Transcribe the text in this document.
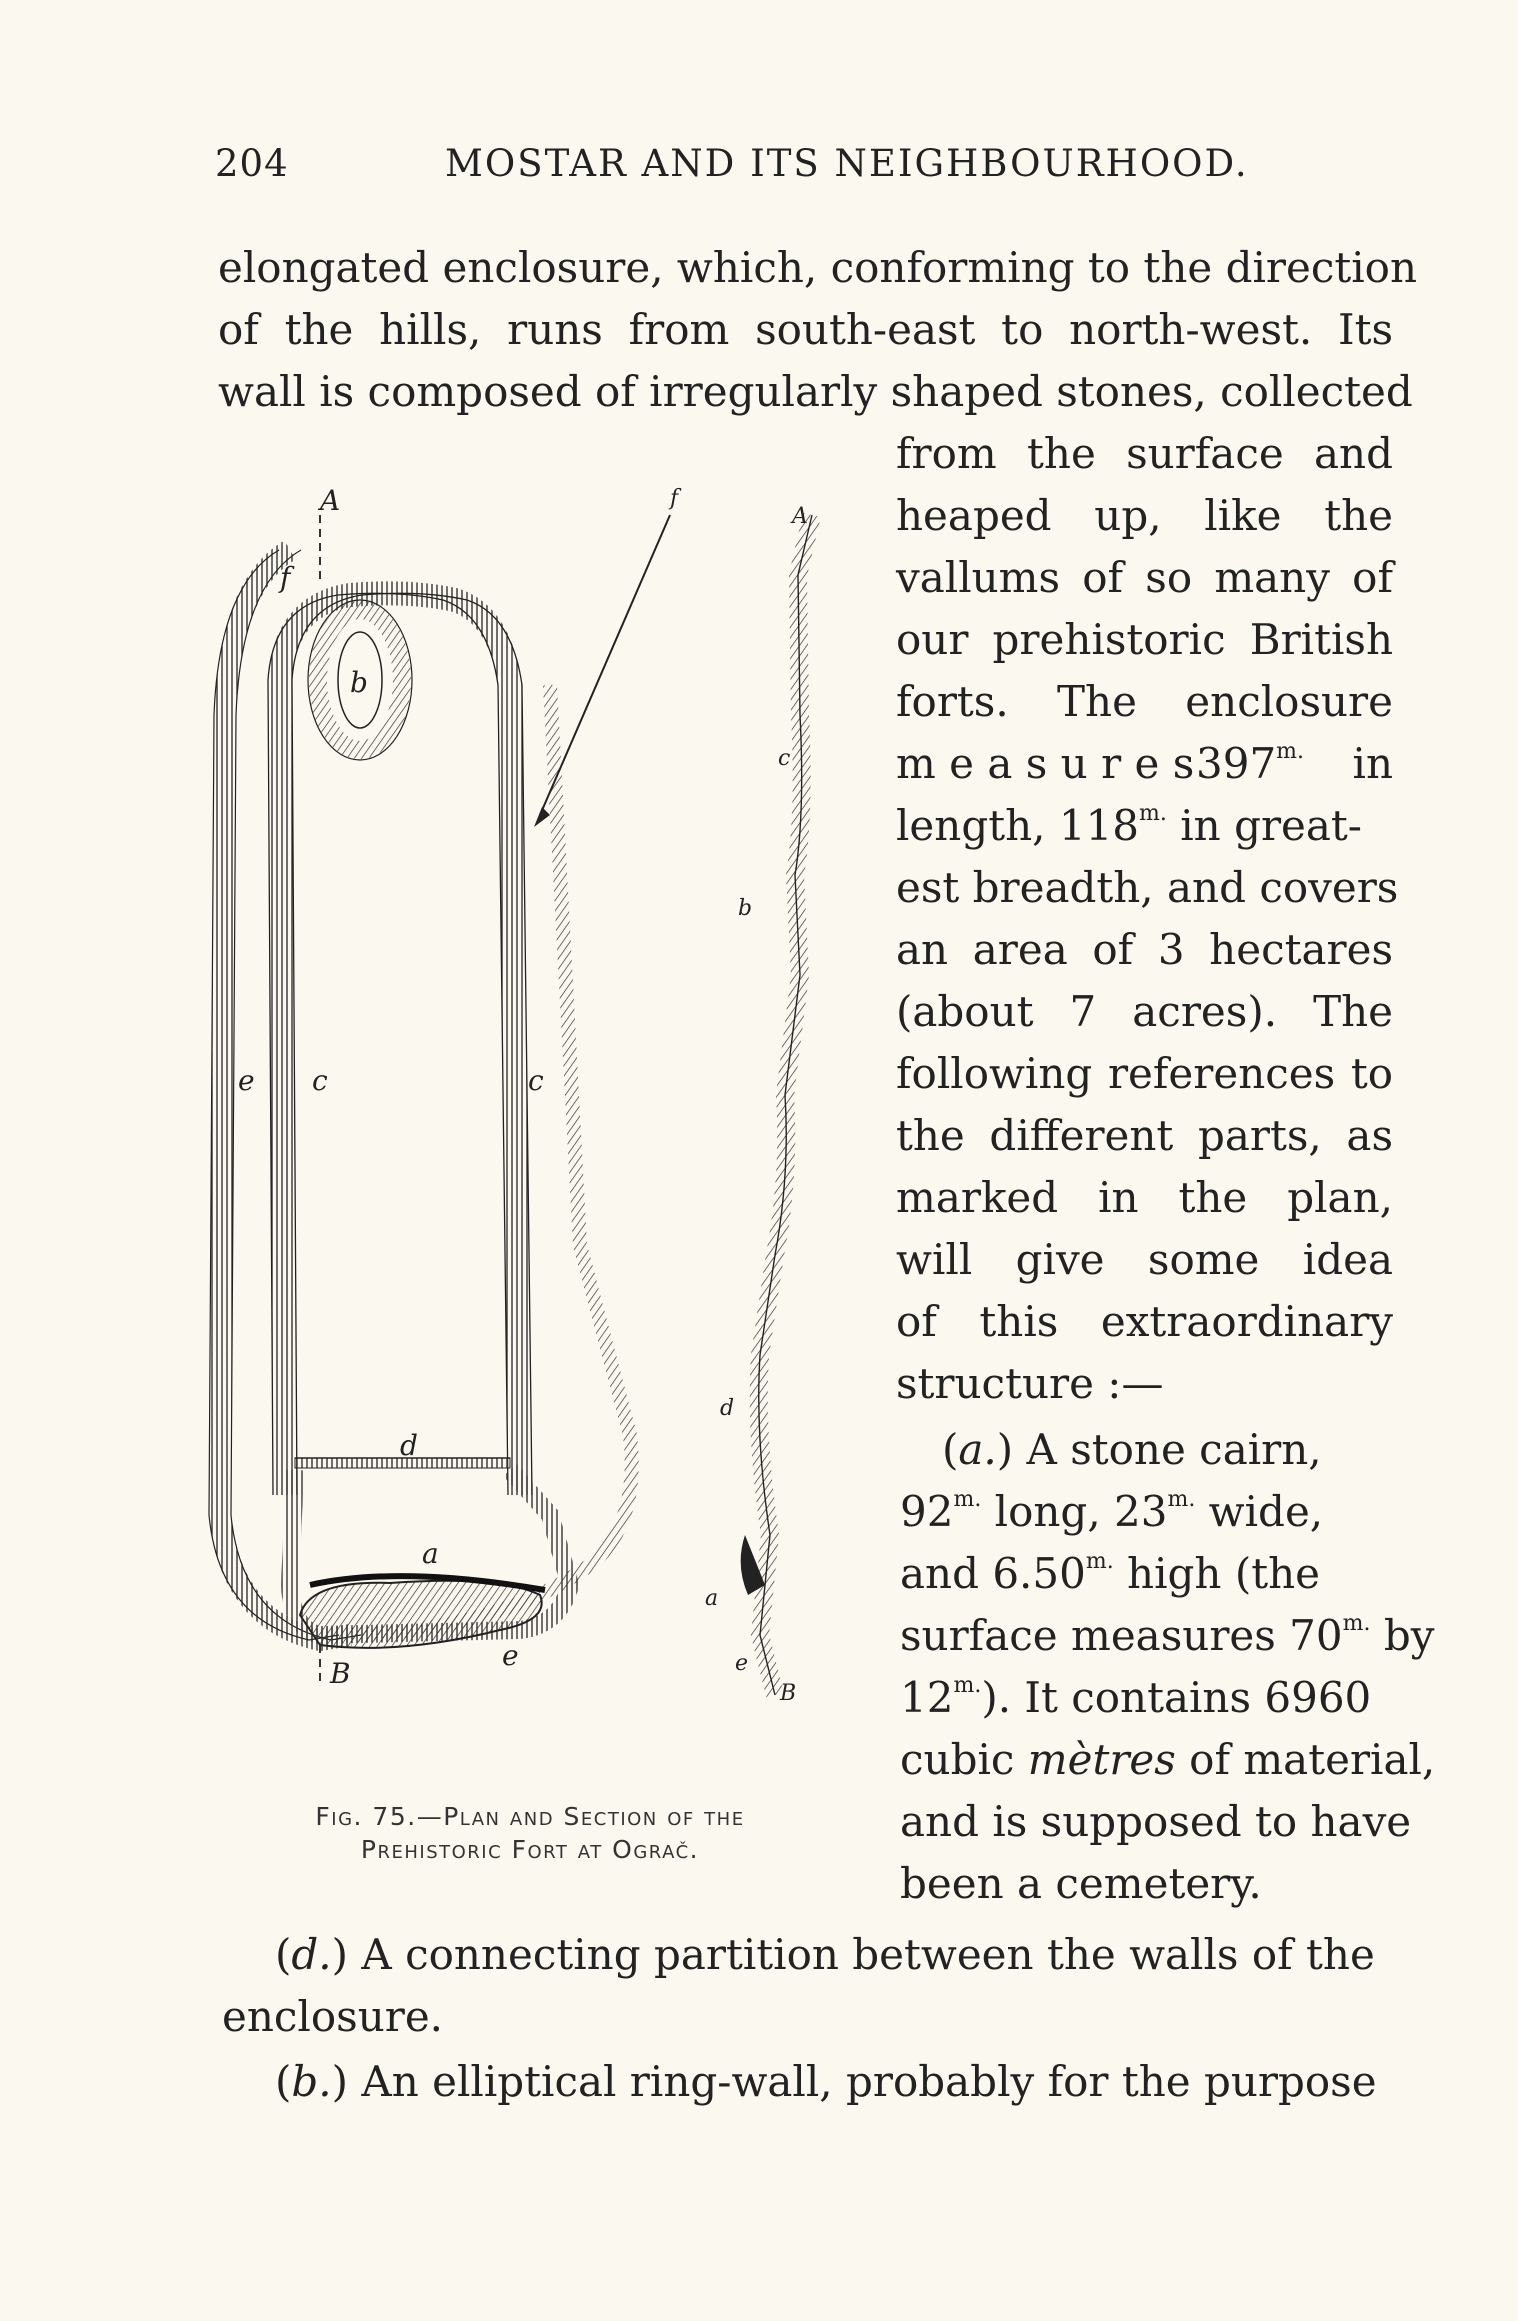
204	MOSTAR AND ITS NEIGHBOURHOOD.
elongated enclosure, which, conforming to the direction
of the hills, runs from south-east to north-west. Its
wall is composed of irregularly shaped stones, collected
from the surface and
heaped up, like the
vallums of so many of
our prehistoric British
forts. The enclosure
m e a s u r e s $397^{m.}$ in
length, $118^{m.}$ in great-
est breadth, and covers
an area of 3 hectares
(about 7 acres). The
following references to
the different parts, as
marked in the plan,
will give some idea
of this extraordinary
structure :—
(a.) A stone cairn,
$92^{m.}$ long, $23^{m.}$ wide,
and $6.50^{m.}$ high (the
surface measures $70^{m.}$ by
$12^{m.}$). It contains 6960
cubic mètres of material,
and is supposed to have
been a cemetery.
(d.) A connecting partition between the walls of the
enclosure.
(b.) An elliptical ring-wall, probably for the purpose
A
f
b
e c	c
d
a
e
B
f
c
b
d
a
e
B
A
Fig. 75.—Plan and Section of the
Prehistoric Fort at Ograč.
